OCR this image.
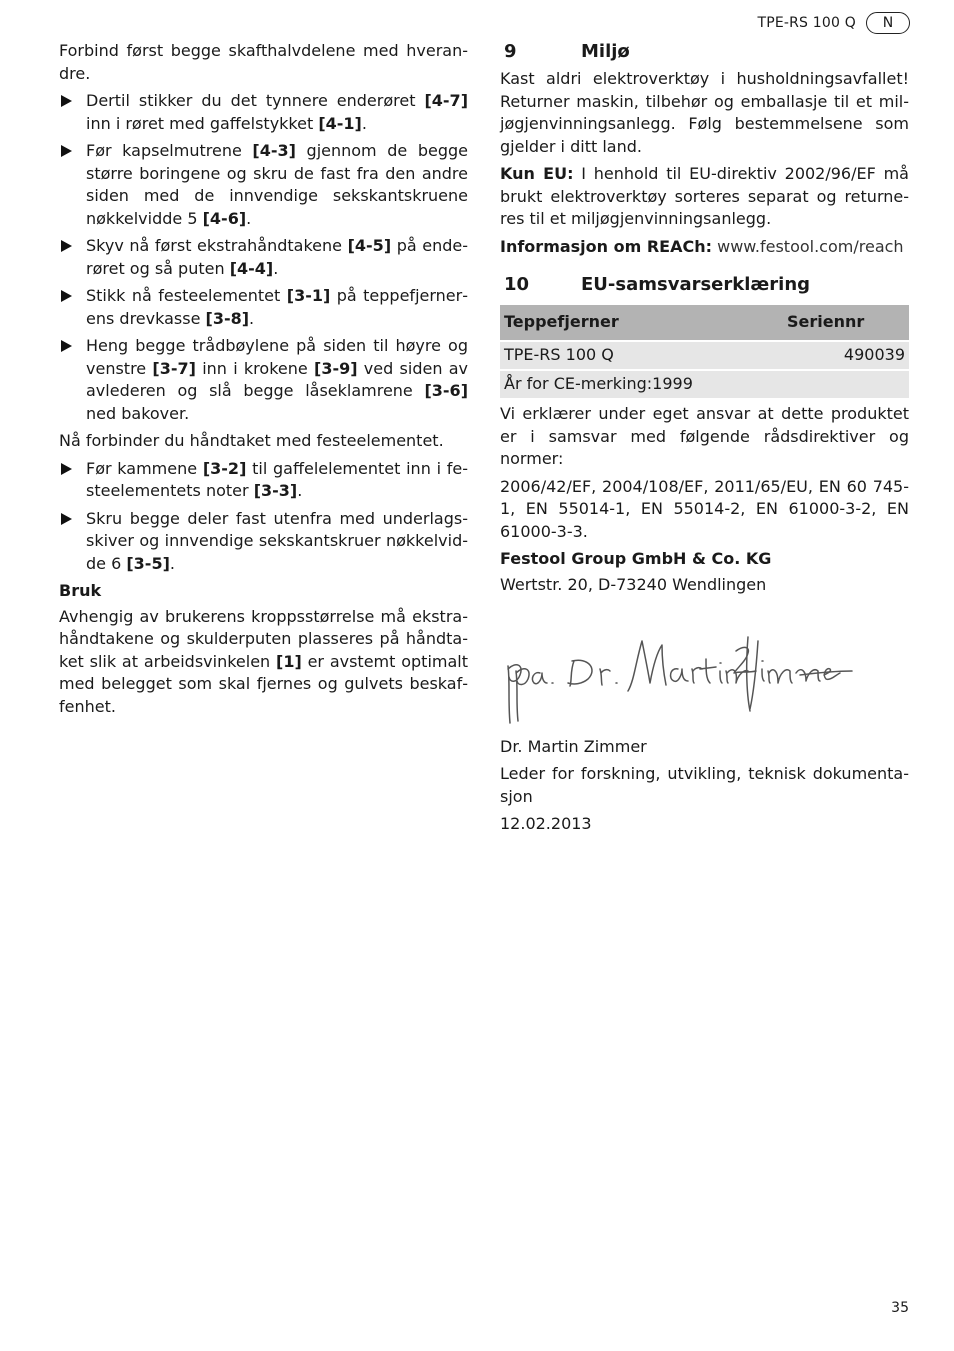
TPE-RS 100 Q	N

Forbind først begge skafthalvdelene med hverandre.

Dertil stikker du det tynnere enderøret [4-7] inn i røret med gaffelstykket [4-1].
Før kapselmutrene [4-3] gjennom de begge større boringene og skru de fast fra den andre siden med de innvendige sekskantskruene nøkkelvidde 5 [4-6].
Skyv nå først ekstrahåndtakene [4-5] på enderøret og så puten [4-4].
Stikk nå festeelementet [3-1] på teppefjernerens drevkasse [3-8].
Heng begge trådbøylene på siden til høyre og venstre [3-7] inn i krokene [3-9] ved siden av avlederen og slå begge låseklamrene [3-6] ned bakover.

Nå forbinder du håndtaket med festeelementet.

Før kammene [3-2] til gaffelelementet inn i festeelementets noter [3-3].
Skru begge deler fast utenfra med underlagsskiver og innvendige sekskantskruer nøkkelvidde 6 [3-5].
Bruk

Avhengig av brukerens kroppsstørrelse må ekstrahåndtakene og skulderputen plasseres på håndtaket slik at arbeidsvinkelen [1] er avstemt optimalt med belegget som skal fjernes og gulvets beskaffenhet.

9	Miljø

Kast aldri elektroverktøy i husholdningsavfallet! Returner maskin, tilbehør og emballasje til et miljøgjenvinningsanlegg. Følg bestemmelsene som gjelder i ditt land.

Kun EU: I henhold til EU-direktiv 2002/96/EF må brukt elektroverktøy sorteres separat og returneres til et miljøgjenvinningsanlegg.

Informasjon om REACh: www.festool.com/reach

10	EU-samsvarserklæring
Teppefjerner	Seriennr
TPE-RS 100 Q	490039
År for CE-merking:1999	

Vi erklærer under eget ansvar at dette produktet er i samsvar med følgende rådsdirektiver og normer:

2006/42/EF, 2004/108/EF, 2011/65/EU, EN 60 745-1, EN 55014-1, EN 55014-2, EN 61000-3-2, EN 61000-3-3.

Festool Group GmbH & Co. KG

Wertstr. 20, D-73240 Wendlingen

Dr. Martin Zimmer

Leder for forskning, utvikling, teknisk dokumentasjon

12.02.2013

35
